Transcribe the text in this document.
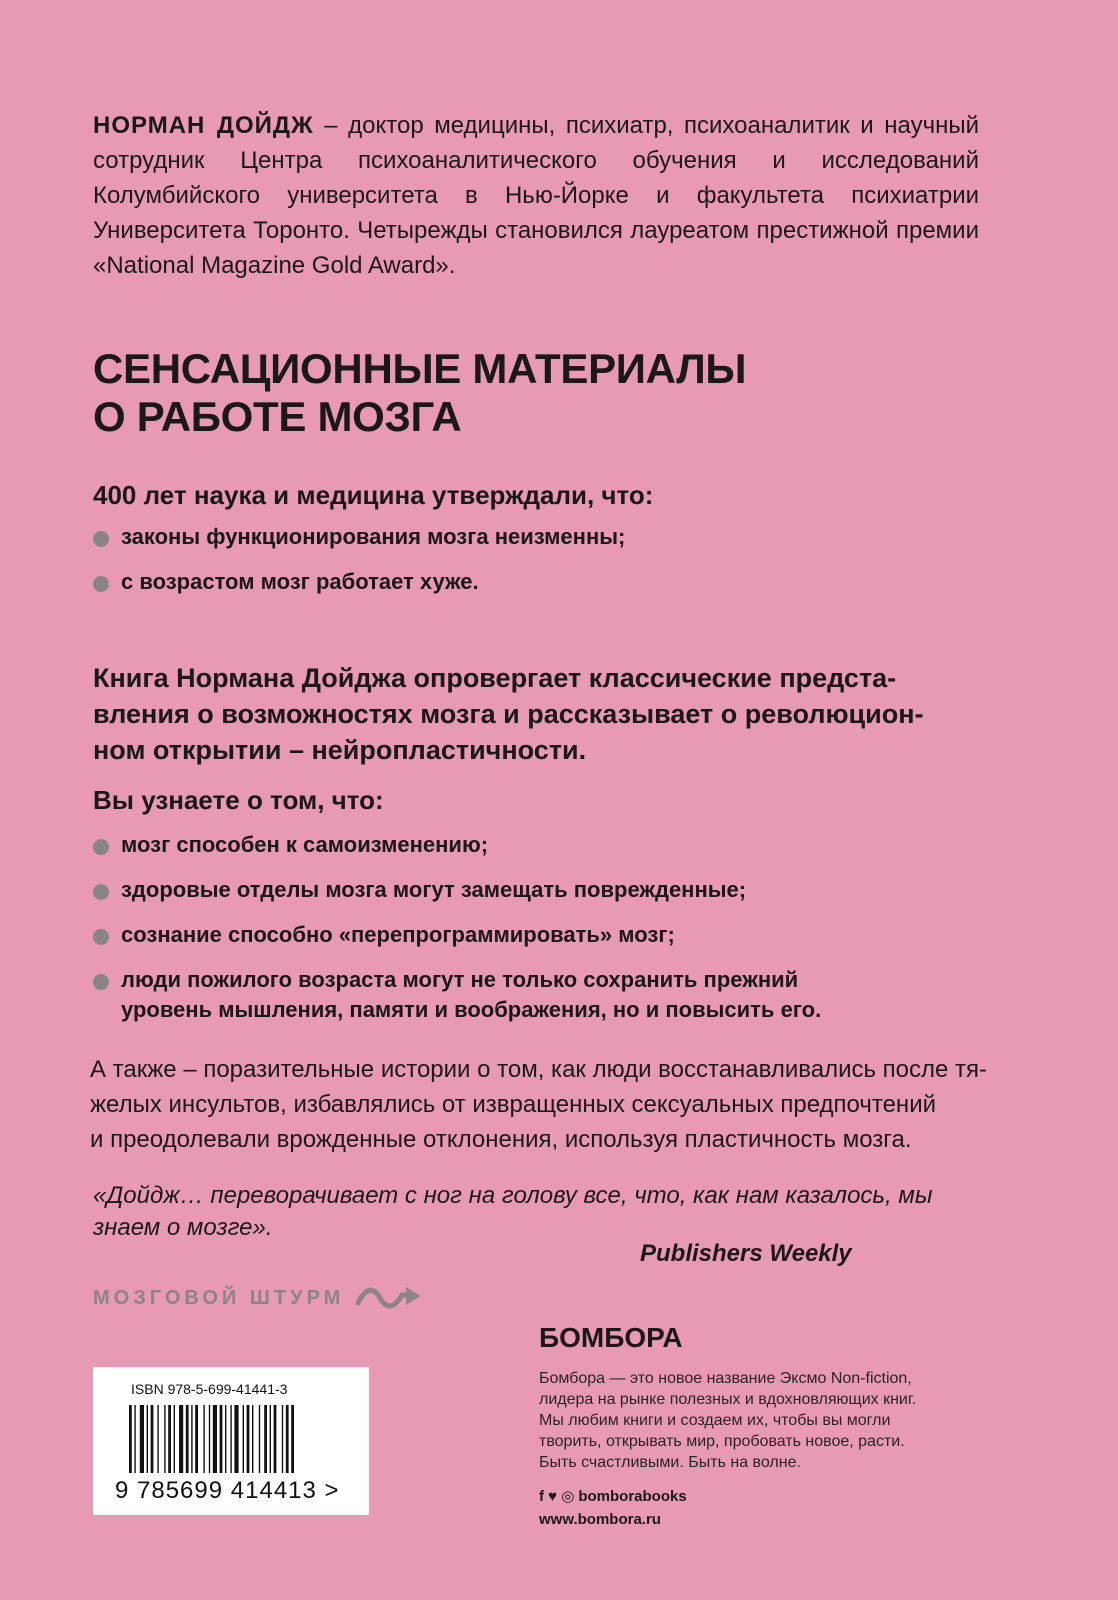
НОРМАН ДОЙДЖ – доктор медицины, психиатр, психоаналитик и научный сотрудник Центра психоаналитического обучения и исследований Колумбийского университета в Нью-Йорке и факультета психиатрии Университета Торонто. Четырежды становился лауреатом престижной премии «National Magazine Gold Award».
СЕНСАЦИОННЫЕ МАТЕРИАЛЫ
О РАБОТЕ МОЗГА
400 лет наука и медицина утверждали, что:
законы функционирования мозга неизменны;
с возрастом мозг работает хуже.
Книга Нормана Дойджа опровергает классические предста-
вления о возможностях мозга и рассказывает о революцион-
ном открытии – нейропластичности.
Вы узнаете о том, что:
мозг способен к самоизменению;
здоровые отделы мозга могут замещать поврежденные;
сознание способно «перепрограммировать» мозг;
люди пожилого возраста могут не только сохранить прежний уровень мышления, памяти и воображения, но и повысить его.
А также – поразительные истории о том, как люди восстанавливались после тя-
желых инсультов, избавлялись от извращенных сексуальных предпочтений
и преодолевали врожденные отклонения, используя пластичность мозга.
«Дойдж… переворачивает с ног на голову все, что, как нам казалось, мы знаем о мозге».
Publishers Weekly
МОЗГОВОЙ ШТУРМ
ISBN 978-5-699-41441-3
9 785699 414413 >
БОМБОРА
Бомбора — это новое название Эксмо Non-fiction,
лидера на рынке полезных и вдохновляющих книг.
Мы любим книги и создаем их, чтобы вы могли
творить, открывать мир, пробовать новое, расти.
Быть счастливыми. Быть на волне.
f ♥ ◎ bomborabooks
www.bombora.ru
